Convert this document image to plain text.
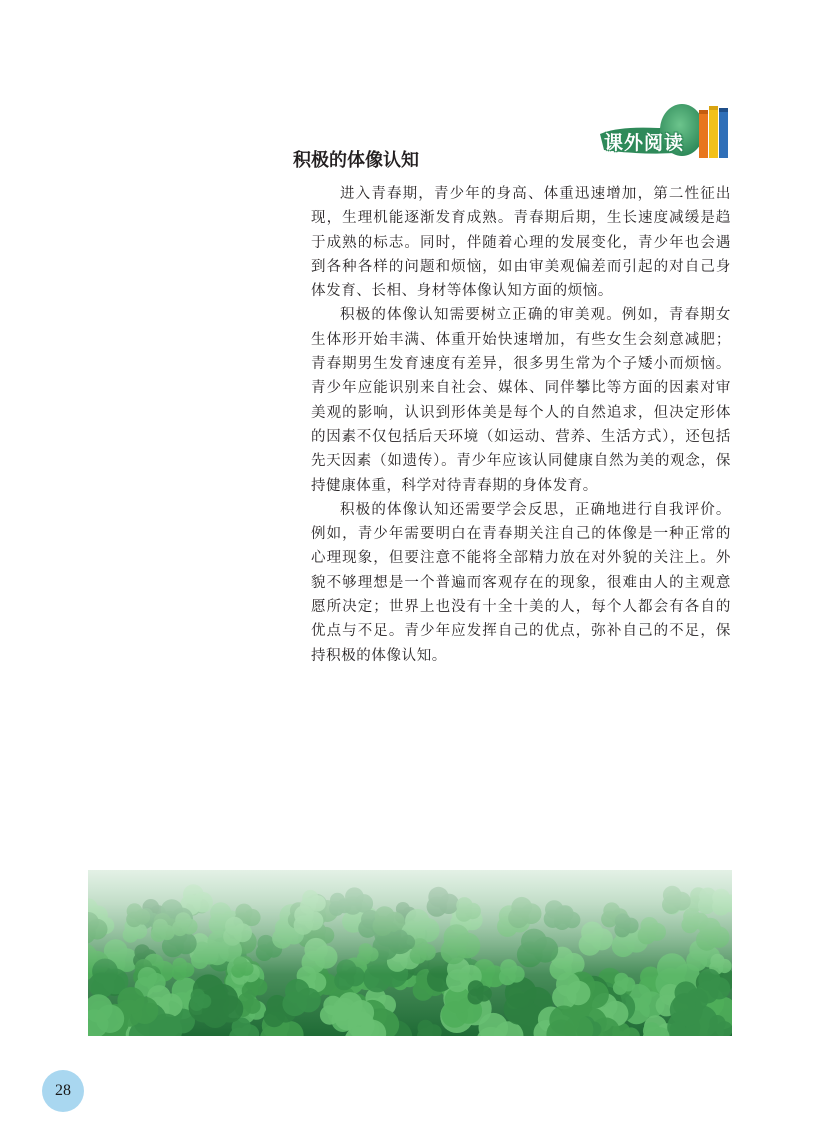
课外阅读
积极的体像认知

进入青春期，青少年的身高、体重迅速增加，第二性征出现，生理机能逐渐发育成熟。青春期后期，生长速度减缓是趋于成熟的标志。同时，伴随着心理的发展变化，青少年也会遇到各种各样的问题和烦恼，如由审美观偏差而引起的对自己身体发育、长相、身材等体像认知方面的烦恼。

积极的体像认知需要树立正确的审美观。例如，青春期女生体形开始丰满、体重开始快速增加，有些女生会刻意减肥；青春期男生发育速度有差异，很多男生常为个子矮小而烦恼。青少年应能识别来自社会、媒体、同伴攀比等方面的因素对审美观的影响，认识到形体美是每个人的自然追求，但决定形体的因素不仅包括后天环境（如运动、营养、生活方式），还包括先天因素（如遗传）。青少年应该认同健康自然为美的观念，保持健康体重，科学对待青春期的身体发育。

积极的体像认知还需要学会反思，正确地进行自我评价。例如，青少年需要明白在青春期关注自己的体像是一种正常的心理现象，但要注意不能将全部精力放在对外貌的关注上。外貌不够理想是一个普遍而客观存在的现象，很难由人的主观意愿所决定；世界上也没有十全十美的人，每个人都会有各自的优点与不足。青少年应发挥自己的优点，弥补自己的不足，保持积极的体像认知。

28
